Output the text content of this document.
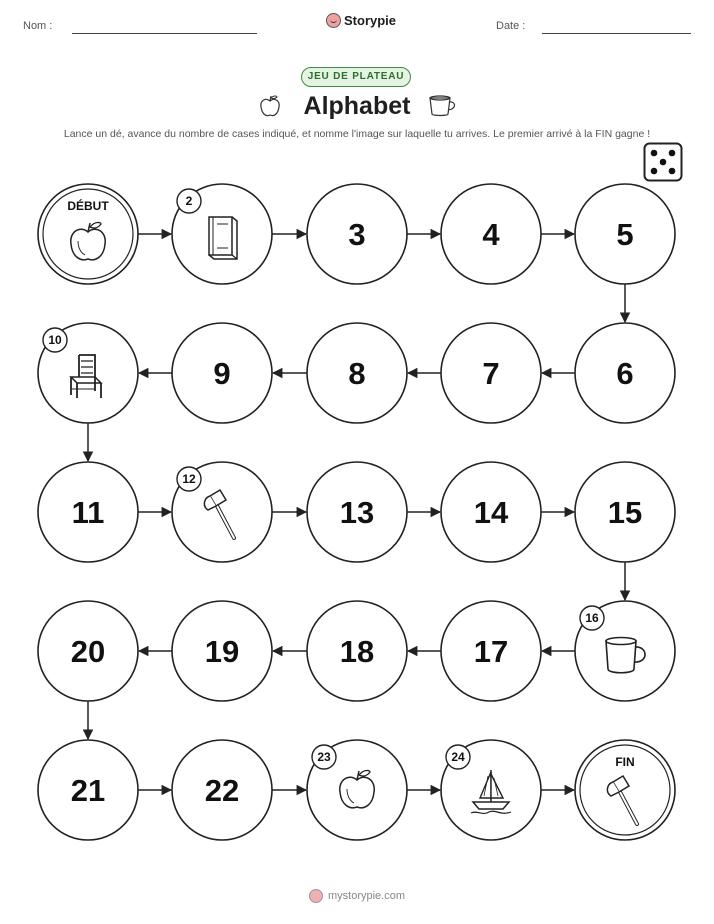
Nom :	Storypie	Date :
JEU DE PLATEAU
Alphabet
Lance un dé, avance du nombre de cases indiqué, et nomme l'image sur laquelle tu arrives. Le premier arrivé à la FIN gagne !
DÉBUT	2
3	4	5
6
7
8
9
10
11
12
13	14	15
16
17
18
19
20
21	22
23	24	FIN
mystorypie.com
